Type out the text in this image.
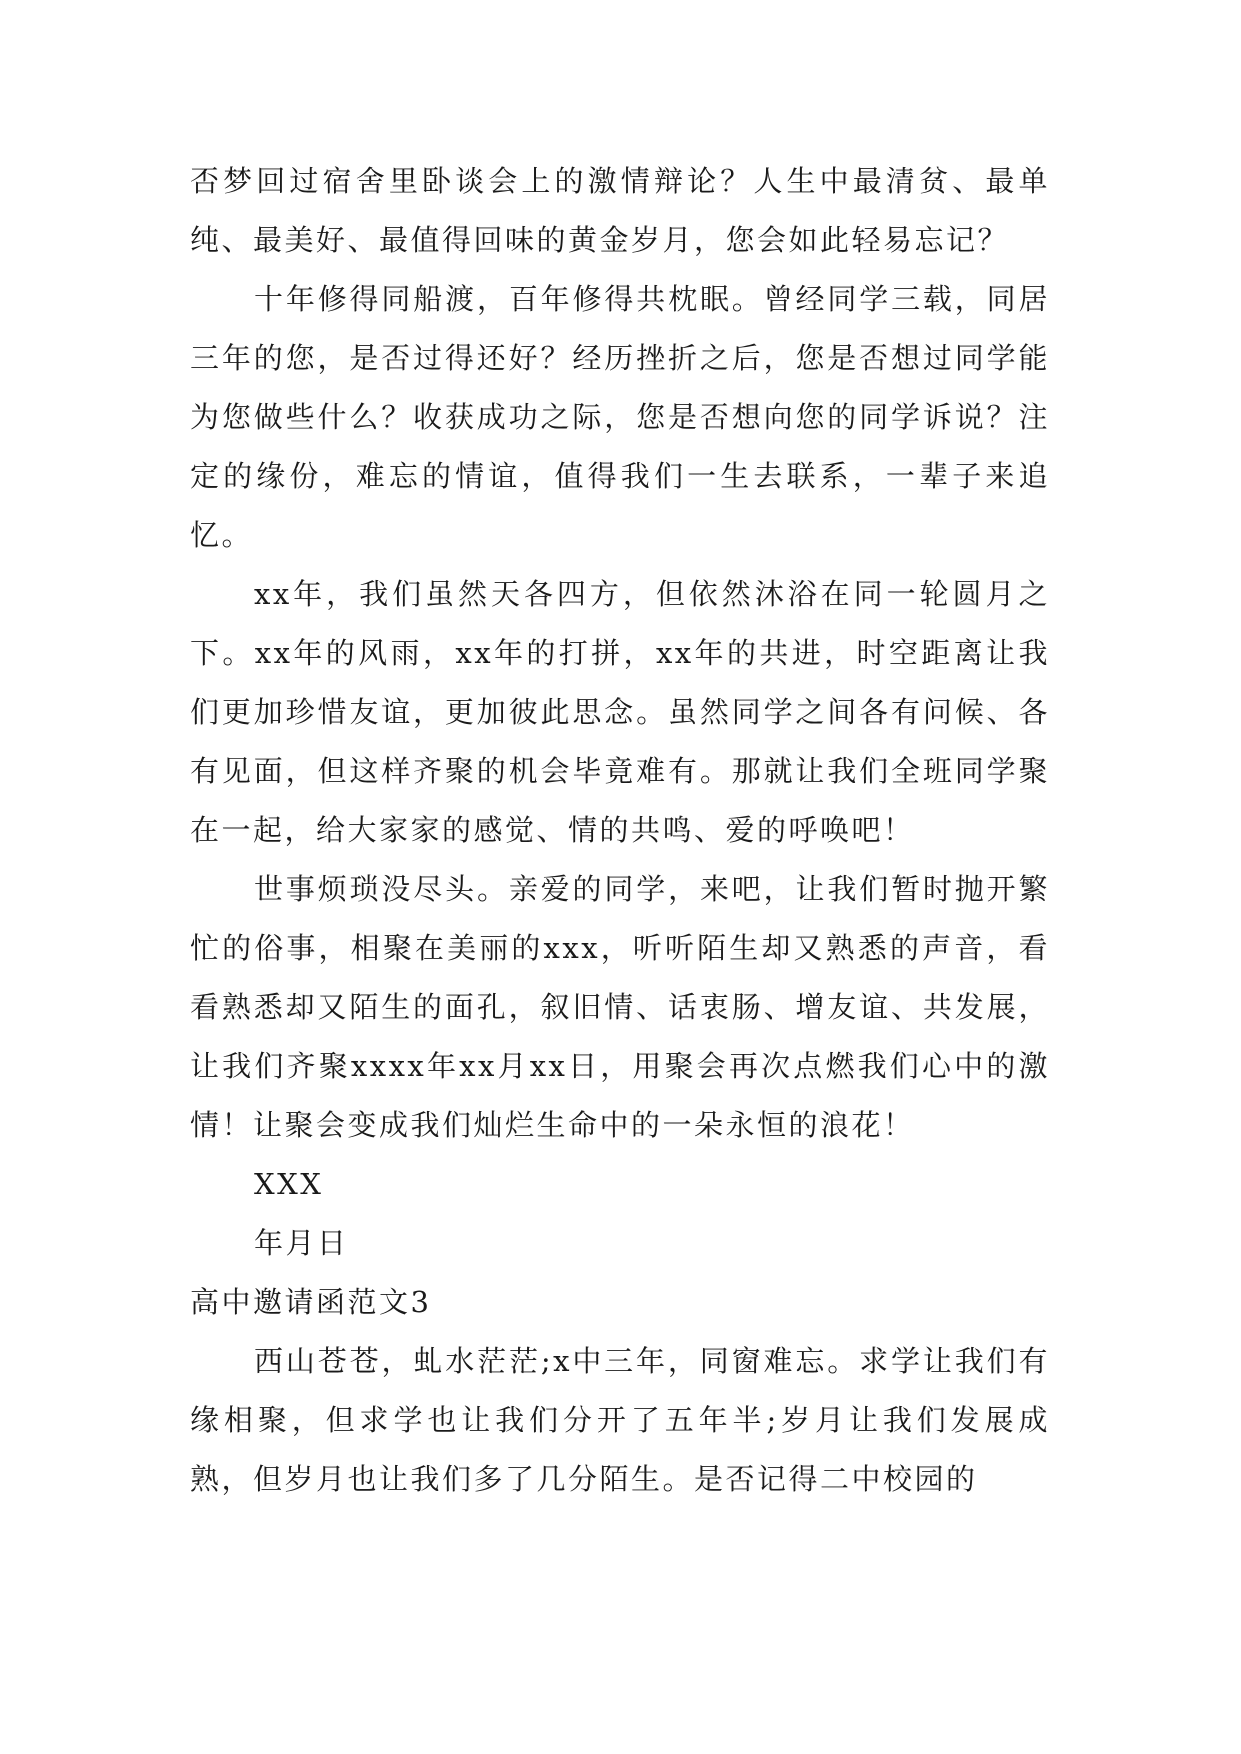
否梦回过宿舍里卧谈会上的激情辩论？人生中最清贫、最单纯、最美好、最值得回味的黄金岁月，您会如此轻易忘记？

十年修得同船渡，百年修得共枕眠。曾经同学三载，同居三年的您，是否过得还好？经历挫折之后，您是否想过同学能为您做些什么？收获成功之际，您是否想向您的同学诉说？注定的缘份，难忘的情谊，值得我们一生去联系，一辈子来追忆。

xx年，我们虽然天各四方，但依然沐浴在同一轮圆月之下。xx年的风雨，xx年的打拼，xx年的共进，时空距离让我们更加珍惜友谊，更加彼此思念。虽然同学之间各有问候、各有见面，但这样齐聚的机会毕竟难有。那就让我们全班同学聚在一起，给大家家的感觉、情的共鸣、爱的呼唤吧！

世事烦琐没尽头。亲爱的同学，来吧，让我们暂时抛开繁忙的俗事，相聚在美丽的xxx，听听陌生却又熟悉的声音，看看熟悉却又陌生的面孔，叙旧情、话衷肠、增友谊、共发展，让我们齐聚xxxx年xx月xx日，用聚会再次点燃我们心中的激情！让聚会变成我们灿烂生命中的一朵永恒的浪花！

XXX

年月日

高中邀请函范文3

西山苍苍，虬水茫茫;x中三年，同窗难忘。求学让我们有缘相聚，但求学也让我们分开了五年半;岁月让我们发展成熟，但岁月也让我们多了几分陌生。是否记得二中校园的
